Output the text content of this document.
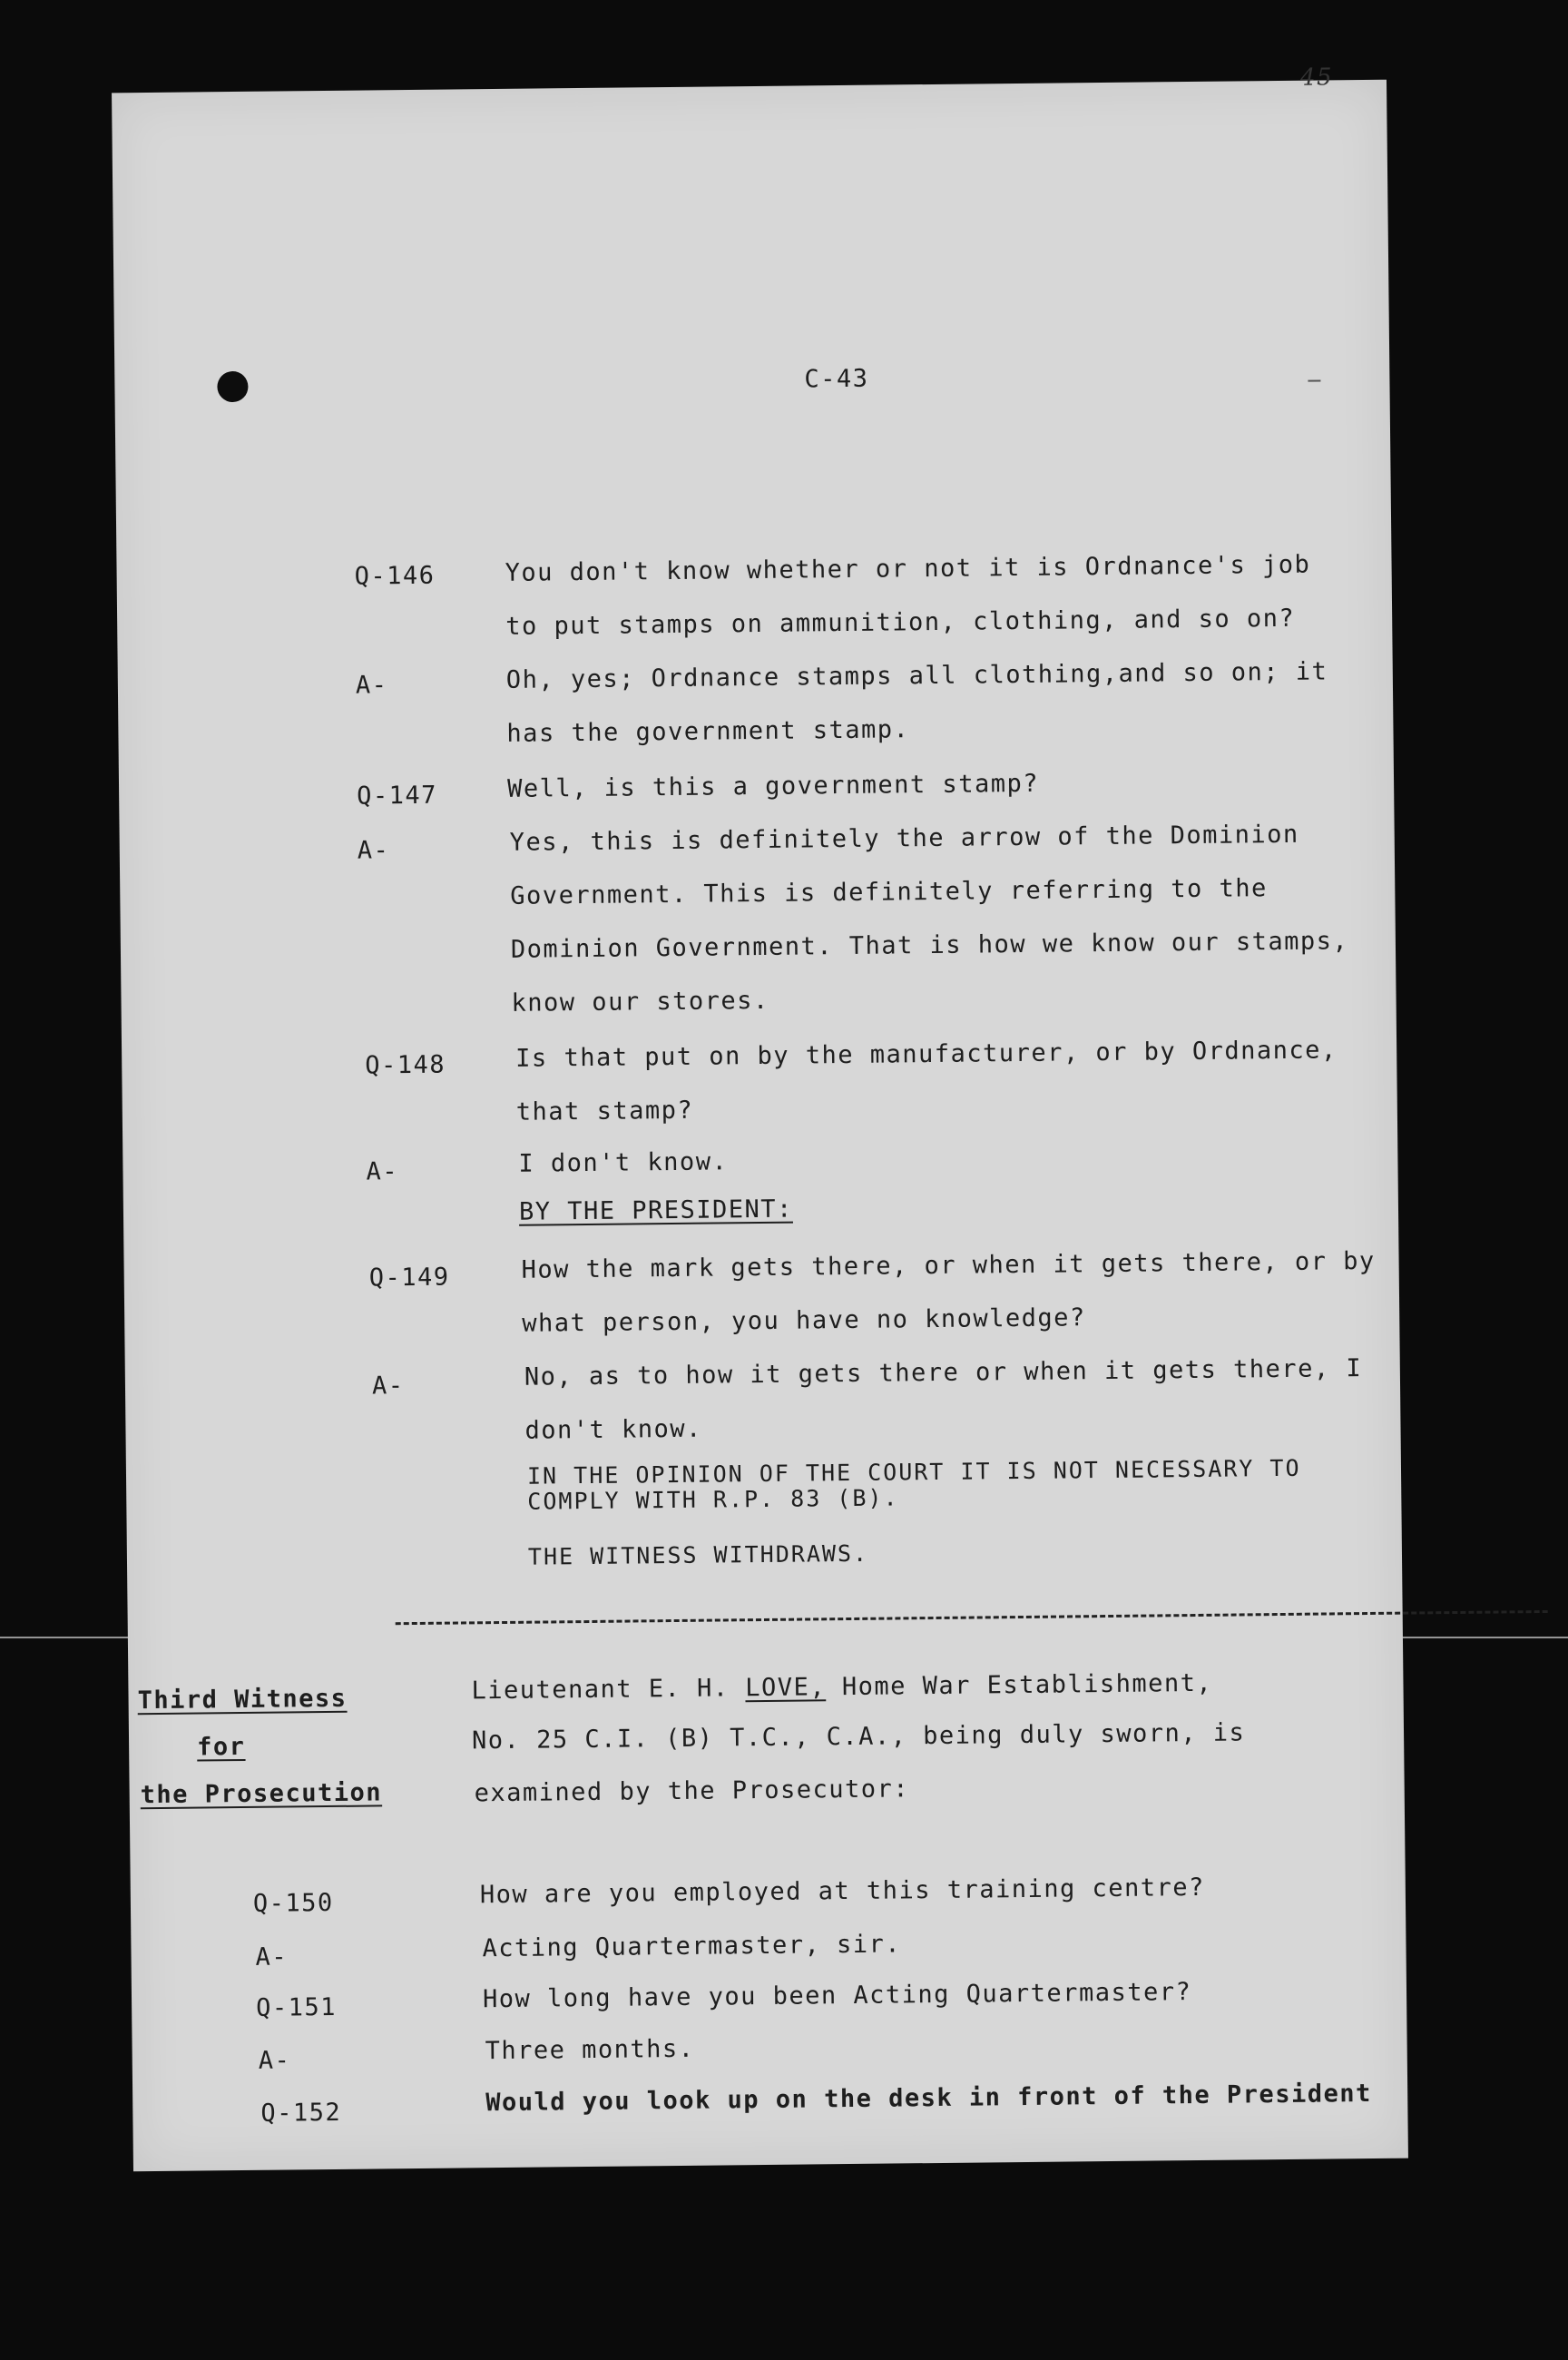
45
C-43
Q-146	You don't know whether or not it is Ordnance's job
to put stamps on ammunition, clothing, and so on?
A-	Oh, yes; Ordnance stamps all clothing,and so on; it
has the government stamp.
Q-147	Well, is this a government stamp?
A-	Yes, this is definitely the arrow of the Dominion
Government. This is definitely referring to the
Dominion Government. That is how we know our stamps,
know our stores.
Q-148	Is that put on by the manufacturer, or by Ordnance,
that stamp?
A-	I don't know.
BY THE PRESIDENT:
Q-149	How the mark gets there, or when it gets there, or by
what person, you have no knowledge?
A-	No, as to how it gets there or when it gets there, I
don't know.
IN THE OPINION OF THE COURT IT IS NOT NECESSARY TO
COMPLY WITH R.P. 83 (B).
THE WITNESS WITHDRAWS.
Third Witness
for
the Prosecution
Lieutenant E. H. LOVE, Home War Establishment,
No. 25 C.I. (B) T.C., C.A., being duly sworn, is
examined by the Prosecutor:
Q-150	How are you employed at this training centre?
A-	Acting Quartermaster, sir.
Q-151	How long have you been Acting Quartermaster?
A-	Three months.
Q-152	Would you look up on the desk in front of the President
